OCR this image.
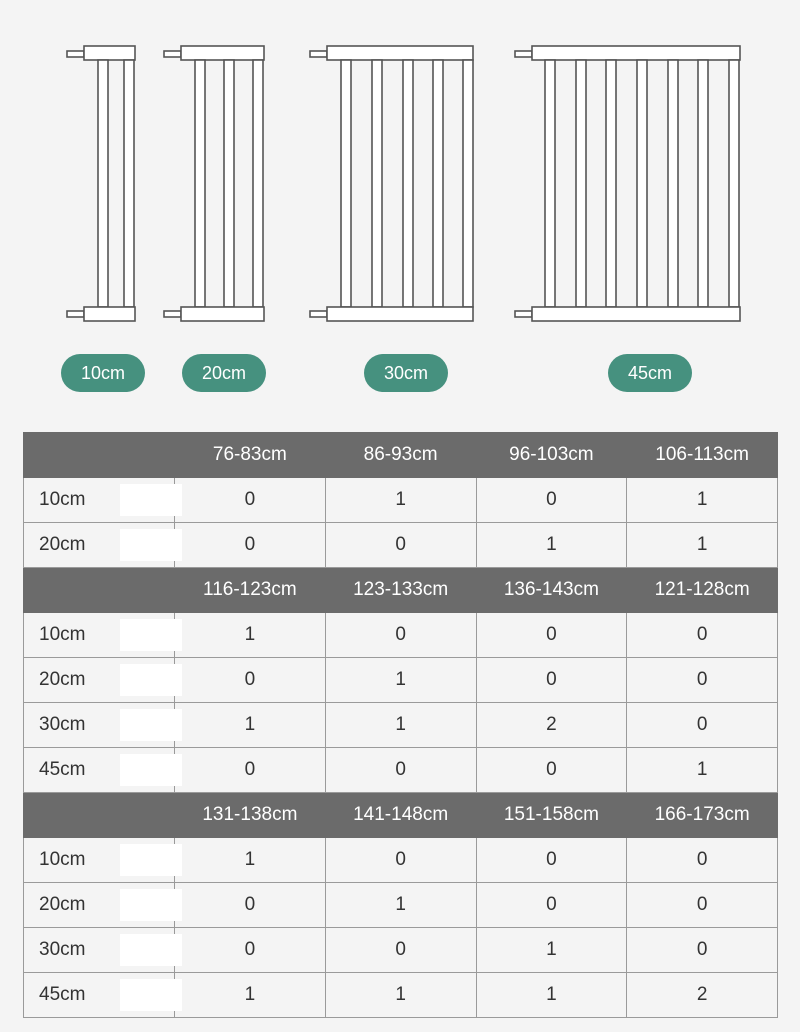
10cm	20cm	30cm	45cm
	76-83cm	86-93cm	96-103cm	106-113cm
10cm	0	1	0	1
20cm	0	0	1	1
	116-123cm	123-133cm	136-143cm	121-128cm
10cm	1	0	0	0
20cm	0	1	0	0
30cm	1	1	2	0
45cm	0	0	0	1
	131-138cm	141-148cm	151-158cm	166-173cm
10cm	1	0	0	0
20cm	0	1	0	0
30cm	0	0	1	0
45cm	1	1	1	2
